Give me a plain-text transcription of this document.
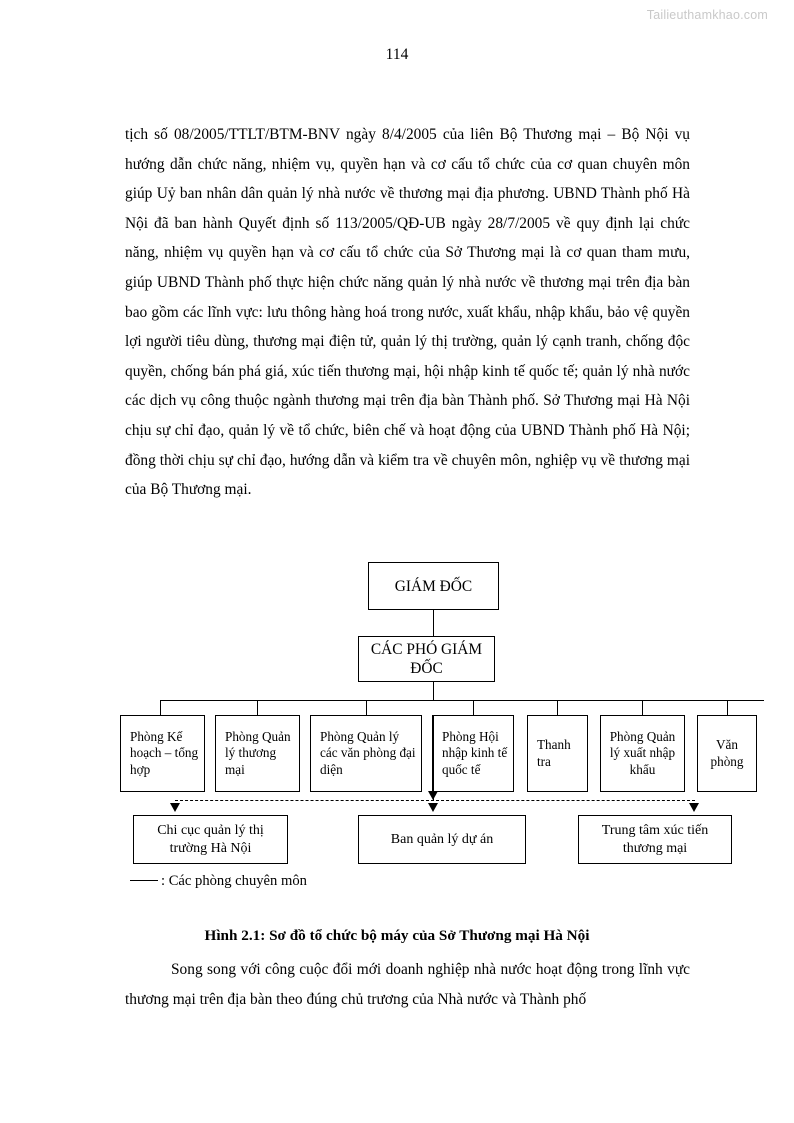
Tailieuthamkhao.com
114

tịch số 08/2005/TTLT/BTM-BNV ngày 8/4/2005 của liên Bộ Thương mại – Bộ Nội vụ hướng dẫn chức năng, nhiệm vụ, quyền hạn và cơ cấu tổ chức của cơ quan chuyên môn giúp Uỷ ban nhân dân quản lý nhà nước về thương mại địa phương. UBND Thành phố Hà Nội đã ban hành Quyết định số 113/2005/QĐ-UB ngày 28/7/2005 về quy định lại chức năng, nhiệm vụ quyền hạn và cơ cấu tổ chức của Sở Thương mại là cơ quan tham mưu, giúp UBND Thành phố thực hiện chức năng quản lý nhà nước về thương mại trên địa bàn bao gồm các lĩnh vực: lưu thông hàng hoá trong nước, xuất khẩu, nhập khẩu, bảo vệ quyền lợi người tiêu dùng, thương mại điện tử, quản lý thị trường, quản lý cạnh tranh, chống độc quyền, chống bán phá giá, xúc tiến thương mại, hội nhập kinh tế quốc tế; quản lý nhà nước các dịch vụ công thuộc ngành thương mại trên địa bàn Thành phố. Sở Thương mại Hà Nội chịu sự chỉ đạo, quản lý về tổ chức, biên chế và hoạt động của UBND Thành phố Hà Nội; đồng thời chịu sự chỉ đạo, hướng dẫn và kiểm tra về chuyên môn, nghiệp vụ về thương mại của Bộ Thương mại.

GIÁM ĐỐC
CÁC PHÓ GIÁM ĐỐC
Phòng Kế hoạch – tổng hợp
Phòng Quản lý thương mại
Phòng Quản lý các văn phòng đại diện
Phòng Hội nhập kinh tế quốc tế
Thanh tra
Phòng Quản lý xuất nhập khẩu
Văn phòng
Chi cục quản lý thị trường Hà Nội
Ban quản lý dự án
Trung tâm xúc tiến thương mại
: Các phòng chuyên môn
Hình 2.1: Sơ đồ tổ chức bộ máy của Sở Thương mại Hà Nội

Song song với công cuộc đổi mới doanh nghiệp nhà nước hoạt động trong lĩnh vực thương mại trên địa bàn theo đúng chủ trương của Nhà nước và Thành phố
